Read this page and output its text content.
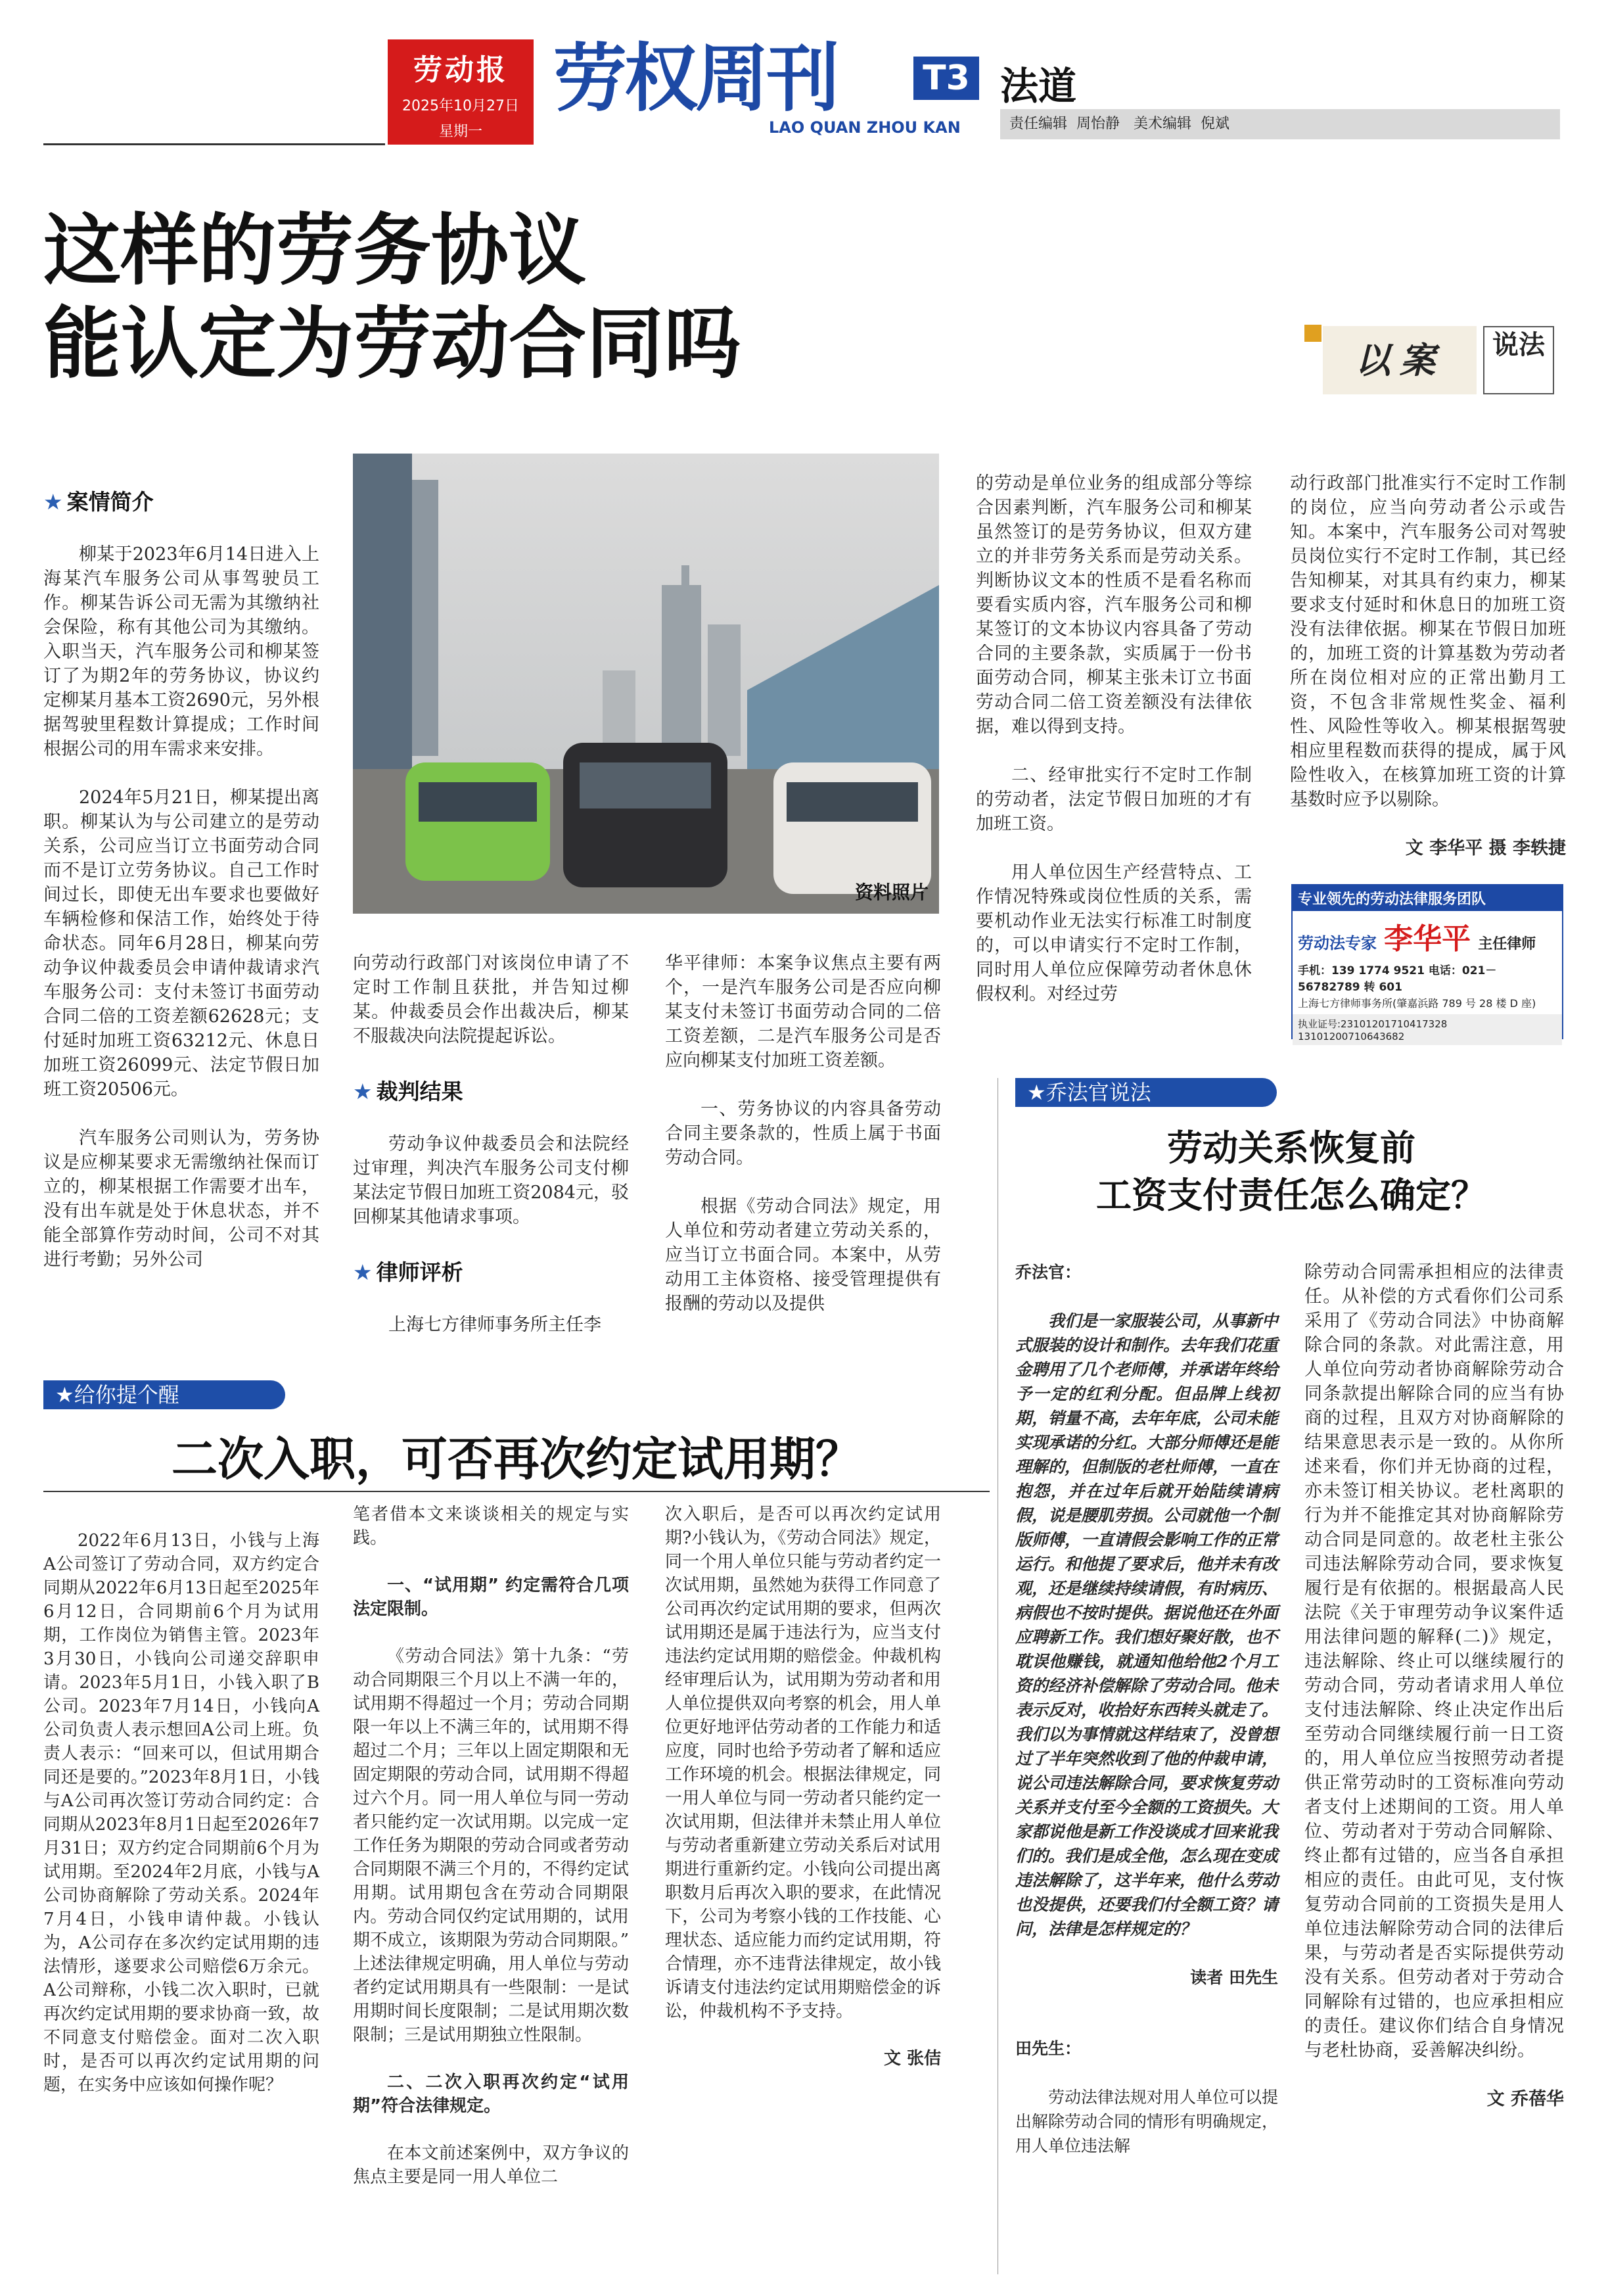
劳动报
2025年10月27日
星期一
劳权周刊	T3
LAO QUAN ZHOU KAN
法道
责任编辑  周怡静   美术编辑  倪斌
这样的劳务协议
能认定为劳动合同吗	以案	说法
资料照片

★ 案情简介

柳某于2023年6月14日进入上海某汽车服务公司从事驾驶员工作。柳某告诉公司无需为其缴纳社会保险，称有其他公司为其缴纳。入职当天，汽车服务公司和柳某签订了为期2年的劳务协议，协议约定柳某月基本工资2690元，另外根据驾驶里程数计算提成；工作时间根据公司的用车需求来安排。

2024年5月21日，柳某提出离职。柳某认为与公司建立的是劳动关系，公司应当订立书面劳动合同而不是订立劳务协议。自己工作时间过长，即使无出车要求也要做好车辆检修和保洁工作，始终处于待命状态。同年6月28日，柳某向劳动争议仲裁委员会申请仲裁请求汽车服务公司：支付未签订书面劳动合同二倍的工资差额62628元；支付延时加班工资63212元、休息日加班工资26099元、法定节假日加班工资20506元。

汽车服务公司则认为，劳务协议是应柳某要求无需缴纳社保而订立的，柳某根据工作需要才出车，没有出车就是处于休息状态，并不能全部算作劳动时间，公司不对其进行考勤；另外公司

向劳动行政部门对该岗位申请了不定时工作制且获批，并告知过柳某。仲裁委员会作出裁决后，柳某不服裁决向法院提起诉讼。

★ 裁判结果

劳动争议仲裁委员会和法院经过审理，判决汽车服务公司支付柳某法定节假日加班工资2084元，驳回柳某其他请求事项。

★ 律师评析

上海七方律师事务所主任李

华平律师：本案争议焦点主要有两个，一是汽车服务公司是否应向柳某支付未签订书面劳动合同的二倍工资差额，二是汽车服务公司是否应向柳某支付加班工资差额。

一、劳务协议的内容具备劳动合同主要条款的，性质上属于书面劳动合同。

根据《劳动合同法》规定，用人单位和劳动者建立劳动关系的，应当订立书面合同。本案中，从劳动用工主体资格、接受管理提供有报酬的劳动以及提供

的劳动是单位业务的组成部分等综合因素判断，汽车服务公司和柳某虽然签订的是劳务协议，但双方建立的并非劳务关系而是劳动关系。判断协议文本的性质不是看名称而要看实质内容，汽车服务公司和柳某签订的文本协议内容具备了劳动合同的主要条款，实质属于一份书面劳动合同，柳某主张未订立书面劳动合同二倍工资差额没有法律依据，难以得到支持。

二、经审批实行不定时工作制的劳动者，法定节假日加班的才有加班工资。

用人单位因生产经营特点、工作情况特殊或岗位性质的关系，需要机动作业无法实行标准工时制度的，可以申请实行不定时工作制，同时用人单位应保障劳动者休息休假权利。对经过劳

动行政部门批准实行不定时工作制的岗位，应当向劳动者公示或告知。本案中，汽车服务公司对驾驶员岗位实行不定时工作制，其已经告知柳某，对其具有约束力，柳某要求支付延时和休息日的加班工资没有法律依据。柳某在节假日加班的，加班工资的计算基数为劳动者所在岗位相对应的正常出勤月工资，不包含非常规性奖金、福利性、风险性等收入。柳某根据驾驶相应里程数而获得的提成，属于风险性收入，在核算加班工资的计算基数时应予以剔除。

文 李华平 摄 李轶捷

专业领先的劳动法律服务团队
劳动法专家 李华平 主任律师
手机：139 1774 9521 电话：021－56782789 转 601
上海七方律师事务所(肇嘉浜路 789 号 28 楼 D 座)
执业证号:23101201710417328 13101200710643682
★乔法官说法
劳动关系恢复前
工资支付责任怎么确定？

乔法官：

我们是一家服装公司，从事新中式服装的设计和制作。去年我们花重金聘用了几个老师傅，并承诺年终给予一定的红利分配。但品牌上线初期，销量不高，去年年底，公司未能实现承诺的分红。大部分师傅还是能理解的，但制版的老杜师傅，一直在抱怨，并在过年后就开始陆续请病假，说是腰肌劳损。公司就他一个制版师傅，一直请假会影响工作的正常运行。和他提了要求后，他并未有改观，还是继续持续请假，有时病历、病假也不按时提供。据说他还在外面应聘新工作。我们想好聚好散，也不耽误他赚钱，就通知他给他2个月工资的经济补偿解除了劳动合同。他未表示反对，收拾好东西转头就走了。我们以为事情就这样结束了，没曾想过了半年突然收到了他的仲裁申请，说公司违法解除合同，要求恢复劳动关系并支付至今全额的工资损失。大家都说他是新工作没谈成才回来讹我们的。我们是成全他，怎么现在变成违法解除了，这半年来，他什么劳动也没提供，还要我们付全额工资？请问，法律是怎样规定的？

读者 田先生

田先生：

劳动法律法规对用人单位可以提出解除劳动合同的情形有明确规定，用人单位违法解

除劳动合同需承担相应的法律责任。从补偿的方式看你们公司系采用了《劳动合同法》中协商解除合同的条款。对此需注意，用人单位向劳动者协商解除劳动合同条款提出解除合同的应当有协商的过程，且双方对协商解除的结果意思表示是一致的。从你所述来看，你们并无协商的过程，亦未签订相关协议。老杜离职的行为并不能推定其对协商解除劳动合同是同意的。故老杜主张公司违法解除劳动合同，要求恢复履行是有依据的。根据最高人民法院《关于审理劳动争议案件适用法律问题的解释(二)》规定，违法解除、终止可以继续履行的劳动合同，劳动者请求用人单位支付违法解除、终止决定作出后至劳动合同继续履行前一日工资的，用人单位应当按照劳动者提供正常劳动时的工资标准向劳动者支付上述期间的工资。用人单位、劳动者对于劳动合同解除、终止都有过错的，应当各自承担相应的责任。由此可见，支付恢复劳动合同前的工资损失是用人单位违法解除劳动合同的法律后果，与劳动者是否实际提供劳动没有关系。但劳动者对于劳动合同解除有过错的，也应承担相应的责任。建议你们结合自身情况与老杜协商，妥善解决纠纷。

文 乔蓓华

★给你提个醒
二次入职，可否再次约定试用期？

2022年6月13日，小钱与上海A公司签订了劳动合同，双方约定合同期从2022年6月13日起至2025年6月12日，合同期前6个月为试用期，工作岗位为销售主管。2023年3月30日，小钱向公司递交辞职申请。2023年5月1日，小钱入职了B公司。2023年7月14日，小钱向A公司负责人表示想回A公司上班。负责人表示：“回来可以，但试用期合同还是要的。”2023年8月1日，小钱与A公司再次签订劳动合同约定：合同期从2023年8月1日起至2026年7月31日；双方约定合同期前6个月为试用期。至2024年2月底，小钱与A公司协商解除了劳动关系。2024年7月4日，小钱申请仲裁。小钱认为，A公司存在多次约定试用期的违法情形，遂要求公司赔偿6万余元。A公司辩称，小钱二次入职时，已就再次约定试用期的要求协商一致，故不同意支付赔偿金。面对二次入职时，是否可以再次约定试用期的问题，在实务中应该如何操作呢？

笔者借本文来谈谈相关的规定与实践。

一、“试用期” 约定需符合几项法定限制。

《劳动合同法》第十九条：“劳动合同期限三个月以上不满一年的，试用期不得超过一个月；劳动合同期限一年以上不满三年的，试用期不得超过二个月；三年以上固定期限和无固定期限的劳动合同，试用期不得超过六个月。同一用人单位与同一劳动者只能约定一次试用期。以完成一定工作任务为期限的劳动合同或者劳动合同期限不满三个月的，不得约定试用期。试用期包含在劳动合同期限内。劳动合同仅约定试用期的，试用期不成立，该期限为劳动合同期限。” 上述法律规定明确，用人单位与劳动者约定试用期具有一些限制：一是试用期时间长度限制；二是试用期次数限制；三是试用期独立性限制。

二、二次入职再次约定“试用期”符合法律规定。

在本文前述案例中，双方争议的焦点主要是同一用人单位二

次入职后，是否可以再次约定试用期?小钱认为，《劳动合同法》规定，同一个用人单位只能与劳动者约定一次试用期，虽然她为获得工作同意了公司再次约定试用期的要求，但两次试用期还是属于违法行为，应当支付违法约定试用期的赔偿金。仲裁机构经审理后认为，试用期为劳动者和用人单位提供双向考察的机会，用人单位更好地评估劳动者的工作能力和适应度，同时也给予劳动者了解和适应工作环境的机会。根据法律规定，同一用人单位与同一劳动者只能约定一次试用期，但法律并未禁止用人单位与劳动者重新建立劳动关系后对试用期进行重新约定。小钱向公司提出离职数月后再次入职的要求，在此情况下，公司为考察小钱的工作技能、心理状态、适应能力而约定试用期，符合情理，亦不违背法律规定，故小钱诉请支付违法约定试用期赔偿金的诉讼，仲裁机构不予支持。

文 张佶
